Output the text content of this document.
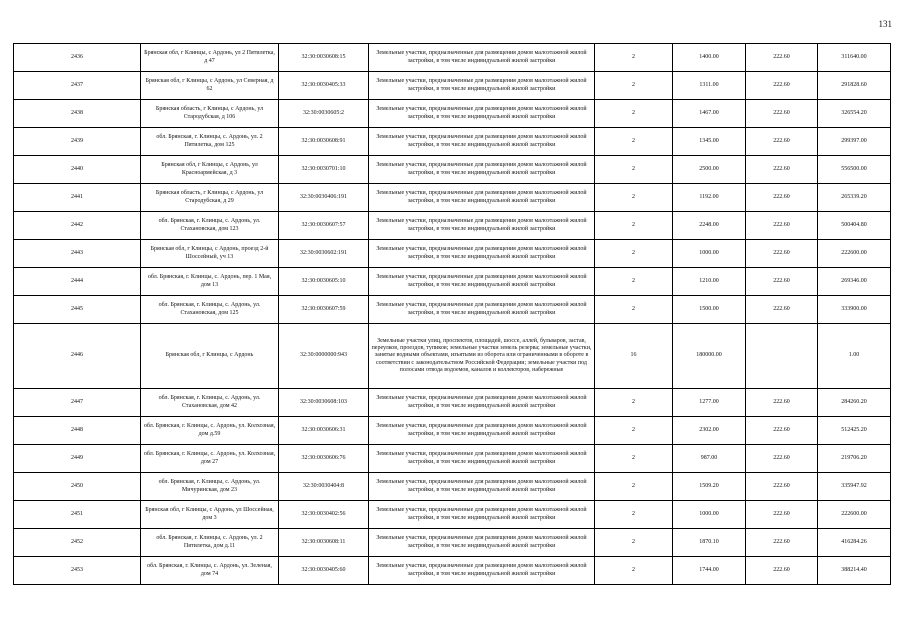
131
2436	Брянская обл, г Клинцы, с Ардонь, ул 2 Пятилетка, д 47	32:30:0030608:15	Земельные участки, предназначенные для размещения домов малоэтажной жилой застройки, в том числе индивидуальной жилой застройки	2	1400.00	222.60	311640.00
2437	Брянская обл, г Клинцы, с Ардонь, ул Северная, д 62	32:30:0030405:33	Земельные участки, предназначенные для размещения домов малоэтажной жилой застройки, в том числе индивидуальной жилой застройки	2	1311.00	222.60	291828.60
2438	Брянская область, г Клинцы, с Ардонь, ул Стародубская, д 106	32:30:0030605:2	Земельные участки, предназначенные для размещения домов малоэтажной жилой застройки, в том числе индивидуальной жилой застройки	2	1467.00	222.60	326554.20
2439	обл. Брянская, г. Клинцы, с. Ардонь, ул. 2 Пятилетка, дом 125	32:30:0030608:91	Земельные участки, предназначенные для размещения домов малоэтажной жилой застройки, в том числе индивидуальной жилой застройки	2	1345.00	222.60	299397.00
2440	Брянская обл, г Клинцы, с Ардонь, ул Красноармейская, д 3	32:30:0030701:10	Земельные участки, предназначенные для размещения домов малоэтажной жилой застройки, в том числе индивидуальной жилой застройки	2	2500.00	222.60	556500.00
2441	Брянская область, г Клинцы, с Ардонь, ул Стародубская, д 29	32:30:0030406:191	Земельные участки, предназначенные для размещения домов малоэтажной жилой застройки, в том числе индивидуальной жилой застройки	2	1192.00	222.60	265339.20
2442	обл. Брянская, г. Клинцы, с. Ардонь, ул. Стахановская, дом 123	32:30:0030607:57	Земельные участки, предназначенные для размещения домов малоэтажной жилой застройки, в том числе индивидуальной жилой застройки	2	2248.00	222.60	500404.80
2443	Брянская обл, г Клинцы, с Ардонь, проезд 2-й Шоссейный, уч 13	32:30:0030602:191	Земельные участки, предназначенные для размещения домов малоэтажной жилой застройки, в том числе индивидуальной жилой застройки	2	1000.00	222.60	222600.00
2444	обл. Брянская, г. Клинцы, с. Ардонь, пер. 1 Мая, дом 13	32:30:0030605:10	Земельные участки, предназначенные для размещения домов малоэтажной жилой застройки, в том числе индивидуальной жилой застройки	2	1210.00	222.60	269346.00
2445	обл. Брянская, г. Клинцы, с. Ардонь, ул. Стахановская, дом 125	32:30:0030607:59	Земельные участки, предназначенные для размещения домов малоэтажной жилой застройки, в том числе индивидуальной жилой застройки	2	1500.00	222.60	333900.00
2446	Брянская обл, г Клинцы, с Ардонь	32:30:0000000:943	Земельные участки улиц, проспектов, площадей, шоссе, аллей, бульваров, застав, переулков, проездов, тупиков; земельные участки земель резерва; земельные участки, занятые водными объектами, изъятыми из оборота или ограниченными в обороте в соответствии с законодательством Российской Федерации; земельные участки под полосами отвода водоемов, каналов и коллекторов, набережные	16	180000.00		1.00
2447	обл. Брянская, г. Клинцы, с. Ардонь, ул. Стахановская, дом 42	32:30:0030608:103	Земельные участки, предназначенные для размещения домов малоэтажной жилой застройки, в том числе индивидуальной жилой застройки	2	1277.00	222.60	284260.20
2448	обл. Брянская, г. Клинцы, с. Ардонь, ул. Колхозная, дом д.59	32:30:0030606:31	Земельные участки, предназначенные для размещения домов малоэтажной жилой застройки, в том числе индивидуальной жилой застройки	2	2302.00	222.60	512425.20
2449	обл. Брянская, г. Клинцы, с. Ардонь, ул. Колхозная, дом 27	32:30:0030606:76	Земельные участки, предназначенные для размещения домов малоэтажной жилой застройки, в том числе индивидуальной жилой застройки	2	987.00	222.60	219706.20
2450	обл. Брянская, г. Клинцы, с. Ардонь, ул. Мичуринская, дом 23	32:30:0030404:8	Земельные участки, предназначенные для размещения домов малоэтажной жилой застройки, в том числе индивидуальной жилой застройки	2	1509.20	222.60	335947.92
2451	Брянская обл, г Клинцы, с Ардонь, ул Шоссейная, дом 3	32:30:0030402:56	Земельные участки, предназначенные для размещения домов малоэтажной жилой застройки, в том числе индивидуальной жилой застройки	2	1000.00	222.60	222600.00
2452	обл. Брянская, г. Клинцы, с. Ардонь, ул. 2 Пятилетка, дом д.11	32:30:0030608:11	Земельные участки, предназначенные для размещения домов малоэтажной жилой застройки, в том числе индивидуальной жилой застройки	2	1870.10	222.60	416284.26
2453	обл. Брянская, г. Клинцы, с. Ардонь, ул. Зеленая, дом 74	32:30:0030405:60	Земельные участки, предназначенные для размещения домов малоэтажной жилой застройки, в том числе индивидуальной жилой застройки	2	1744.00	222.60	388214.40
